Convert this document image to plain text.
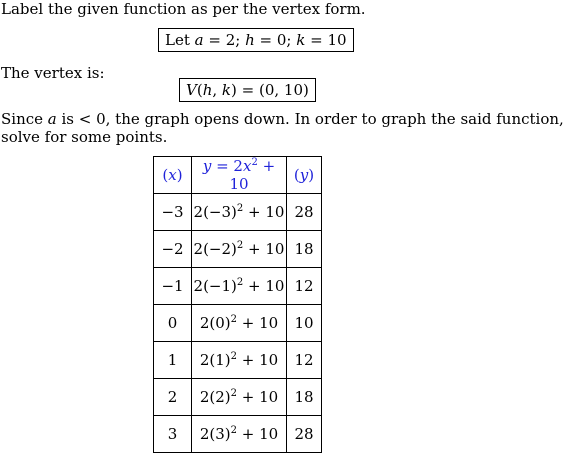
Label the given function as per the vertex form.
Let a = 2; h = 0; k = 10
The vertex is:
V(h, k) = (0, 10)
Since a is < 0, the graph opens down. In order to graph the said function,
solve for some points.
(x)	$y = 2x^2 + 10$	(y)
−3	$2(-3)^2 + 10$	28
−2	$2(-2)^2 + 10$	18
−1	$2(-1)^2 + 10$	12
0	$2(0)^2 + 10$	10
1	$2(1)^2 + 10$	12
2	$2(2)^2 + 10$	18
3	$2(3)^2 + 10$	28
